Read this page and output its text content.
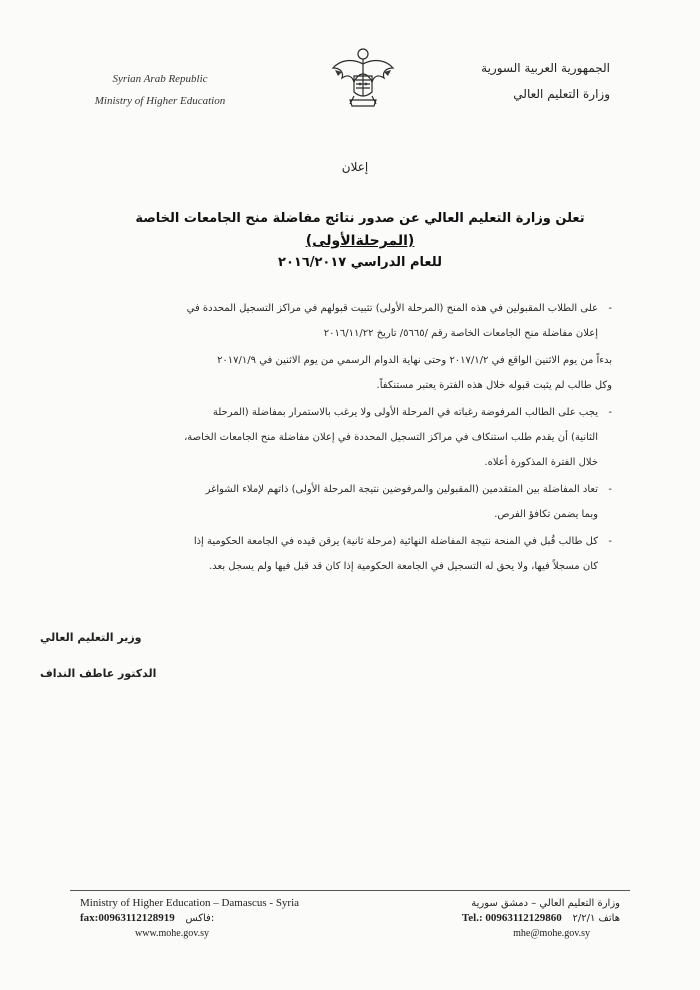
Syrian Arab Republic
Ministry of Higher Education
الجمهورية العربية السورية
وزارة التعليم العالي
إعلان
تعلن وزارة التعليم العالي عن صدور نتائج مفاضلة منح الجامعات الخاصة
(المرحلةالأولى)
للعام الدراسي ٢٠١٦/٢٠١٧
-
على الطلاب المقبولين في هذه المنح (المرحلة الأولى) تثبيت قبولهم في مراكز التسجيل المحددة في
إعلان مفاضلة منح الجامعات الخاصة رقم /٥٦٦٥/ تاريخ ٢٠١٦/١١/٢٢
بدءاً من يوم الاثنين الواقع في ٢٠١٧/١/٢ وحتى نهاية الدوام الرسمي من يوم الاثنين في ٢٠١٧/١/٩
وكل طالب لم يثبت قبوله خلال هذه الفترة يعتبر مستنكفاً.
-
يجب على الطالب المرفوضة رغباته في المرحلة الأولى ولا يرغب بالاستمرار بمفاضلة (المرحلة
الثانية) أن يقدم طلب استنكاف في مراكز التسجيل المحددة في إعلان مفاضلة منح الجامعات الخاصة،
خلال الفترة المذكورة أعلاه.
-
تعاد المفاضلة بين المتقدمين (المقبولين والمرفوضين نتيجة المرحلة الأولى) ذاتهم لإملاء الشواغر
وبما يضمن تكافؤ الفرص.
-
كل طالب قُبل في المنحة نتيجة المفاضلة النهائية (مرحلة ثانية) يرقن قيده في الجامعة الحكومية إذا
كان مسجلاً فيها، ولا يحق له التسجيل في الجامعة الحكومية إذا كان قد قبل فيها ولم يسجل بعد.
وزير التعليم العالي
الدكتور عاطف النداف
Ministry of Higher Education – Damascus - Syria
fax:00963112128919 فاكس:
www.mohe.gov.sy
وزارة التعليم العالي – دمشق سورية
Tel.: 00963112129860 هاتف ٢/٢/١
mhe@mohe.gov.sy
